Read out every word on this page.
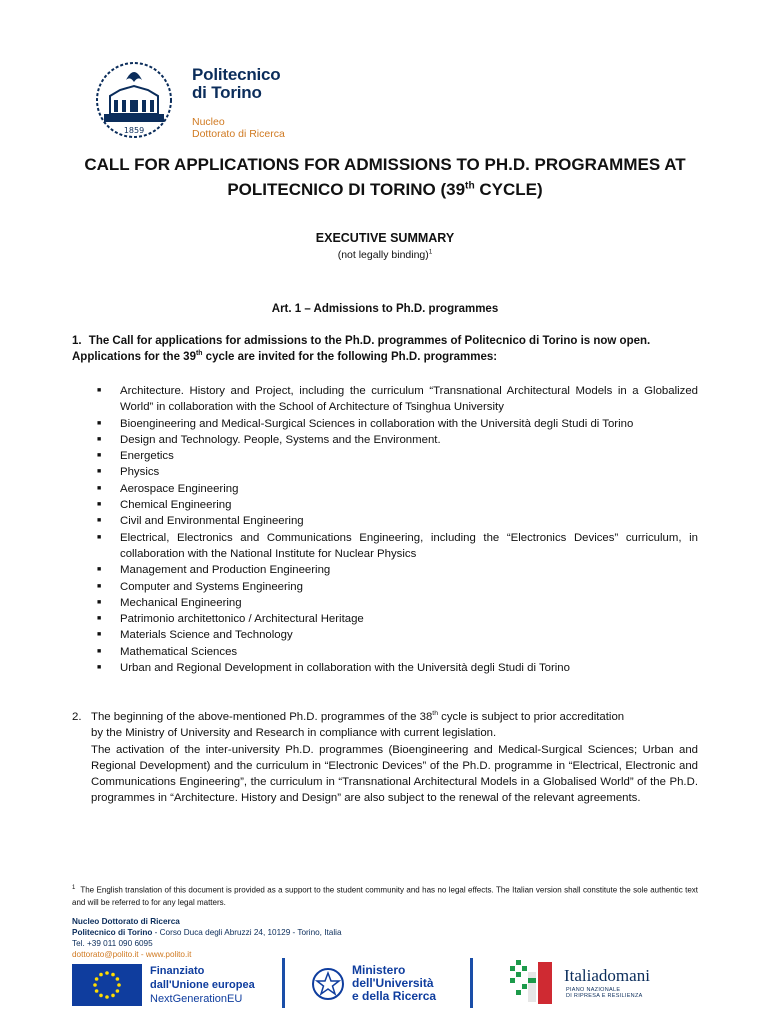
1859
Politecnico
di Torino
Nucleo
Dottorato di Ricerca
CALL FOR APPLICATIONS FOR ADMISSIONS TO PH.D. PROGRAMMES AT
POLITECNICO DI TORINO (39th CYCLE)
EXECUTIVE SUMMARY
(not legally binding)$^1$
Art. 1 – Admissions to Ph.D. programmes
1. The Call for applications for admissions to the Ph.D. programmes of Politecnico di Torino is now open.
Applications for the 39th cycle are invited for the following Ph.D. programmes:
■ Architecture. History and Project, including the curriculum “Transnational Architectural Models in a Globalized World” in collaboration with the School of Architecture of Tsinghua University
■ Bioengineering and Medical-Surgical Sciences in collaboration with the Università degli Studi di Torino
■ Design and Technology. People, Systems and the Environment.
■ Energetics
■ Physics
■ Aerospace Engineering
■ Chemical Engineering
■ Civil and Environmental Engineering
■ Electrical, Electronics and Communications Engineering, including the “Electronics Devices” curriculum, in collaboration with the National Institute for Nuclear Physics
■ Management and Production Engineering
■ Computer and Systems Engineering
■ Mechanical Engineering
■ Patrimonio architettonico / Architectural Heritage
■ Materials Science and Technology
■ Mathematical Sciences
■ Urban and Regional Development in collaboration with the Università degli Studi di Torino
2. The beginning of the above-mentioned Ph.D. programmes of the 38th cycle is subject to prior accreditation
by the Ministry of University and Research in compliance with current legislation.
The activation of the inter-university Ph.D. programmes (Bioengineering and Medical-Surgical Sciences; Urban and Regional Development) and the curriculum in “Electronic Devices” of the Ph.D. programme in “Electrical, Electronic and Communications Engineering”, the curriculum in “Transnational Architectural Models in a Globalised World” of the Ph.D. programmes in “Architecture. History and Design” are also subject to the renewal of the relevant agreements.
$^1$ The English translation of this document is provided as a support to the student community and has no legal effects. The Italian version shall constitute the sole authentic text and will be referred to for any legal matters.
Nucleo Dottorato di Ricerca
Politecnico di Torino - Corso Duca degli Abruzzi 24, 10129 - Torino, Italia
Tel. +39 011 090 6095
dottorato@polito.it - www.polito.it
Finanziato
dall'Unione europea
NextGenerationEU
Ministero
dell'Università
e della Ricerca
Italiadomani
PIANO NAZIONALE
DI RIPRESA E RESILIENZA
